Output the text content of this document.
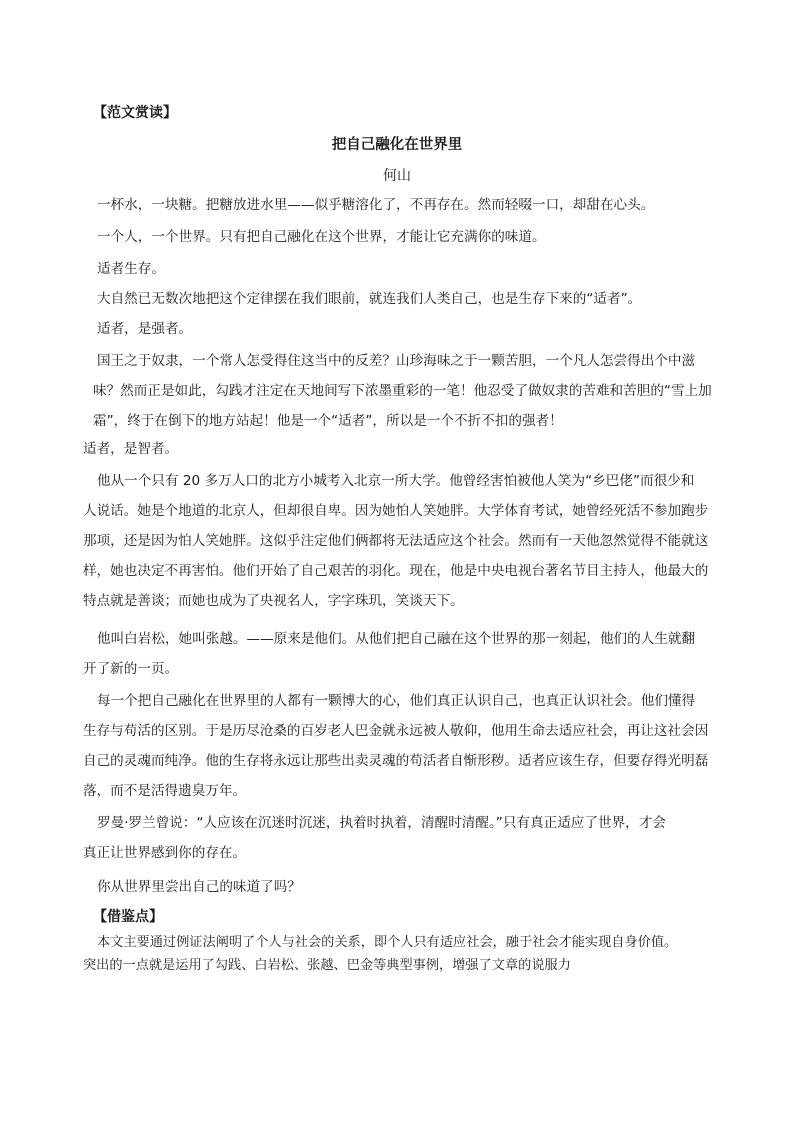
【范文赏读】
把自己融化在世界里
何山
一杯水，一块糖。把糖放进水里——似乎糖溶化了，不再存在。然而轻啜一口，却甜在心头。
一个人，一个世界。只有把自己融化在这个世界，才能让它充满你的味道。
适者生存。
大自然已无数次地把这个定律摆在我们眼前，就连我们人类自己，也是生存下来的“适者”。
适者，是强者。
国王之于奴隶，一个常人怎受得住这当中的反差？山珍海味之于一颗苦胆，一个凡人怎尝得出个中滋
味？然而正是如此，勾践才注定在天地间写下浓墨重彩的一笔！他忍受了做奴隶的苦难和苦胆的“雪上加
霜”，终于在倒下的地方站起！他是一个“适者”，所以是一个不折不扣的强者！
适者，是智者。
他从一个只有 20 多万人口的北方小城考入北京一所大学。他曾经害怕被他人笑为“乡巴佬”而很少和
人说话。她是个地道的北京人，但却很自卑。因为她怕人笑她胖。大学体育考试，她曾经死活不参加跑步
那项，还是因为怕人笑她胖。这似乎注定他们俩都将无法适应这个社会。然而有一天他忽然觉得不能就这
样，她也决定不再害怕。他们开始了自己艰苦的羽化。现在，他是中央电视台著名节目主持人，他最大的
特点就是善谈；而她也成为了央视名人，字字珠玑，笑谈天下。
他叫白岩松，她叫张越。——原来是他们。从他们把自己融在这个世界的那一刻起，他们的人生就翻
开了新的一页。
每一个把自己融化在世界里的人都有一颗博大的心，他们真正认识自己，也真正认识社会。他们懂得
生存与苟活的区别。于是历尽沧桑的百岁老人巴金就永远被人敬仰，他用生命去适应社会，再让这社会因
自己的灵魂而纯净。他的生存将永远让那些出卖灵魂的苟活者自惭形秽。适者应该生存，但要存得光明磊
落，而不是活得遗臭万年。
罗曼·罗兰曾说：“人应该在沉迷时沉迷，执着时执着，清醒时清醒。”只有真正适应了世界，才会
真正让世界感到你的存在。
你从世界里尝出自己的味道了吗？
【借鉴点】
本文主要通过例证法阐明了个人与社会的关系，即个人只有适应社会，融于社会才能实现自身价值。
突出的一点就是运用了勾践、白岩松、张越、巴金等典型事例，增强了文章的说服力
